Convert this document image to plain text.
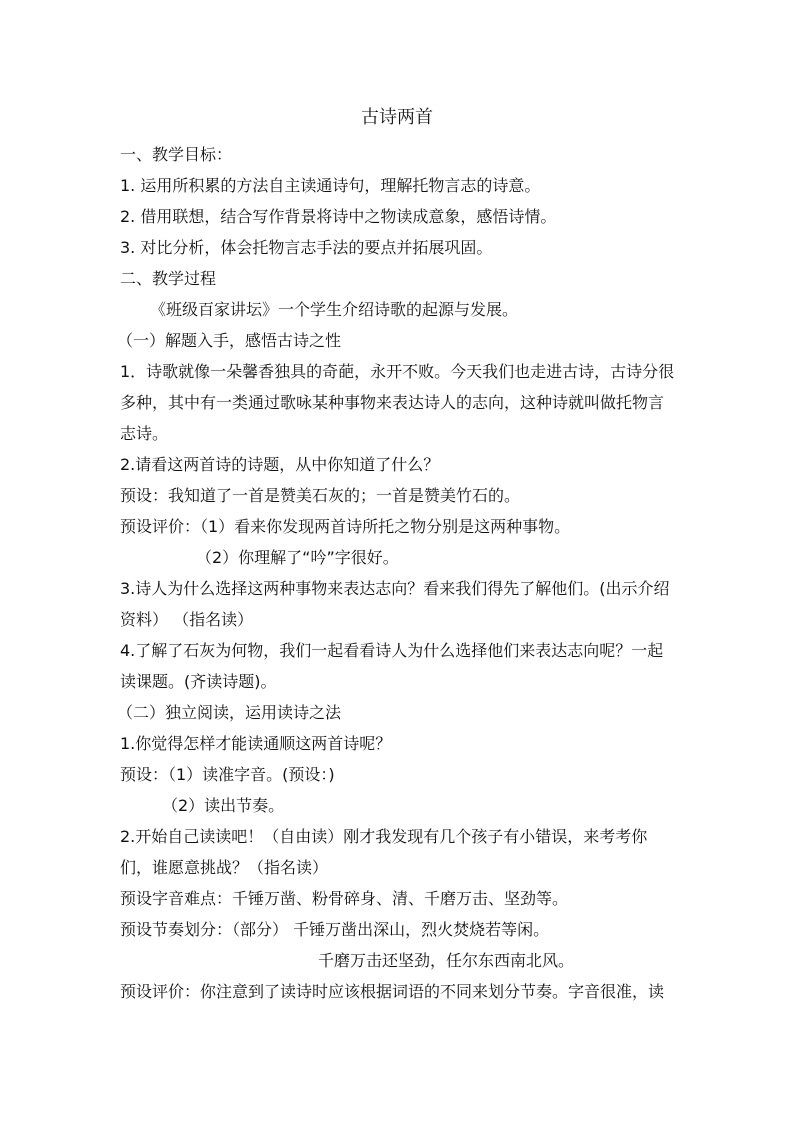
古诗两首
一、教学目标：
1. 运用所积累的方法自主读通诗句，理解托物言志的诗意。
2. 借用联想，结合写作背景将诗中之物读成意象，感悟诗情。
3. 对比分析，体会托物言志手法的要点并拓展巩固。
二、教学过程
《班级百家讲坛》一个学生介绍诗歌的起源与发展。
（一）解题入手，感悟古诗之性
1．诗歌就像一朵馨香独具的奇葩，永开不败。今天我们也走进古诗，古诗分很
多种，其中有一类通过歌咏某种事物来表达诗人的志向，这种诗就叫做托物言
志诗。
2.请看这两首诗的诗题，从中你知道了什么？
预设：我知道了一首是赞美石灰的；一首是赞美竹石的。
预设评价：（1）看来你发现两首诗所托之物分别是这两种事物。
（2）你理解了“吟”字很好。
3.诗人为什么选择这两种事物来表达志向？看来我们得先了解他们。(出示介绍
资料） （指名读）
4.了解了石灰为何物，我们一起看看诗人为什么选择他们来表达志向呢？一起
读课题。(齐读诗题)。
（二）独立阅读，运用读诗之法
1.你觉得怎样才能读通顺这两首诗呢？
预设：（1）读准字音。(预设：)
（2）读出节奏。
2.开始自己读读吧！（自由读）刚才我发现有几个孩子有小错误，来考考你
们，谁愿意挑战？（指名读）
预设字音难点：千锤万凿、粉骨碎身、清、千磨万击、坚劲等。
预设节奏划分：（部分） 千锤万凿出深山，烈火焚烧若等闲。
千磨万击还坚劲，任尔东西南北风。
预设评价：你注意到了读诗时应该根据词语的不同来划分节奏。字音很准，读
